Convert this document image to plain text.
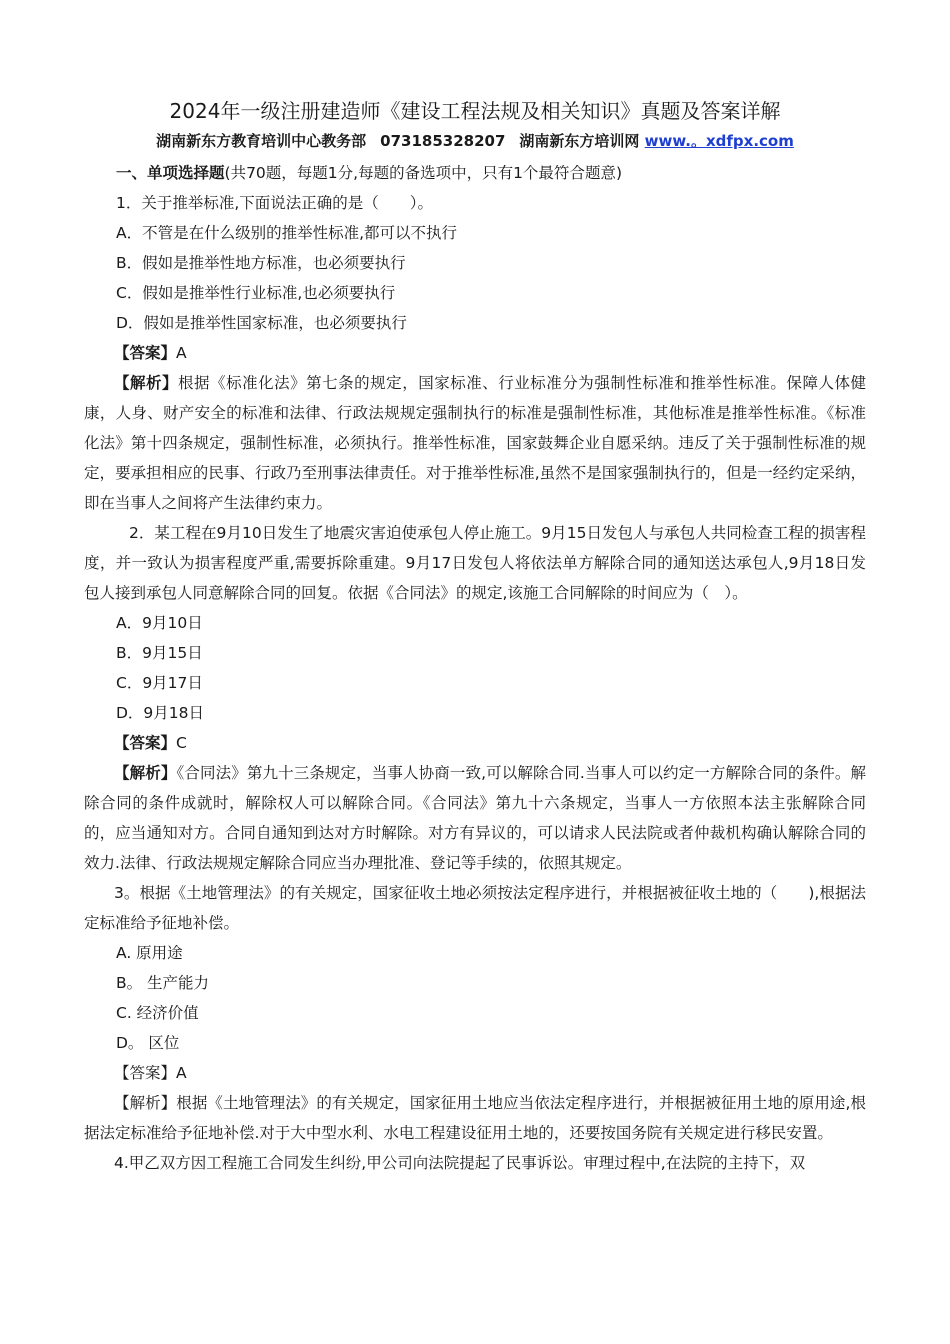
2024年一级注册建造师《建设工程法规及相关知识》真题及答案详解
湖南新东方教育培训中心教务部 073185328207 湖南新东方培训网 www.。xdfpx.com

一、单项选择题(共70题，每题1分,每题的备选项中，只有1个最符合题意)

1．关于推举标准,下面说法正确的是（　　）。

A．不管是在什么级别的推举性标准,都可以不执行

B．假如是推举性地方标准，也必须要执行

C．假如是推举性行业标准,也必须要执行

D．假如是推举性国家标准，也必须要执行

【答案】A

【解析】根据《标准化法》第七条的规定，国家标准、行业标准分为强制性标准和推举性标准。保障人体健康，人身、财产安全的标准和法律、行政法规规定强制执行的标准是强制性标准，其他标准是推举性标准。《标准化法》第十四条规定，强制性标准，必须执行。推举性标准，国家鼓舞企业自愿采纳。违反了关于强制性标准的规定，要承担相应的民事、行政乃至刑事法律责任。对于推举性标准,虽然不是国家强制执行的，但是一经约定采纳，即在当事人之间将产生法律约束力。

2．某工程在9月10日发生了地震灾害迫使承包人停止施工。9月15日发包人与承包人共同检查工程的损害程度，并一致认为损害程度严重,需要拆除重建。9月17日发包人将依法单方解除合同的通知送达承包人,9月18日发包人接到承包人同意解除合同的回复。依据《合同法》的规定,该施工合同解除的时间应为（　）。

A．9月10日

B．9月15日

C．9月17日

D．9月18日

【答案】C

【解析】《合同法》第九十三条规定，当事人协商一致,可以解除合同.当事人可以约定一方解除合同的条件。解除合同的条件成就时，解除权人可以解除合同。《合同法》第九十六条规定，当事人一方依照本法主张解除合同的，应当通知对方。合同自通知到达对方时解除。对方有异议的，可以请求人民法院或者仲裁机构确认解除合同的效力.法律、行政法规规定解除合同应当办理批准、登记等手续的，依照其规定。

3。根据《土地管理法》的有关规定，国家征收土地必须按法定程序进行，并根据被征收土地的（　　),根据法定标准给予征地补偿。

A. 原用途

B。 生产能力

C. 经济价值

D。 区位

【答案】A

【解析】根据《土地管理法》的有关规定，国家征用土地应当依法定程序进行，并根据被征用土地的原用途,根据法定标准给予征地补偿.对于大中型水利、水电工程建设征用土地的，还要按国务院有关规定进行移民安置。

4.甲乙双方因工程施工合同发生纠纷,甲公司向法院提起了民事诉讼。审理过程中,在法院的主持下，双
